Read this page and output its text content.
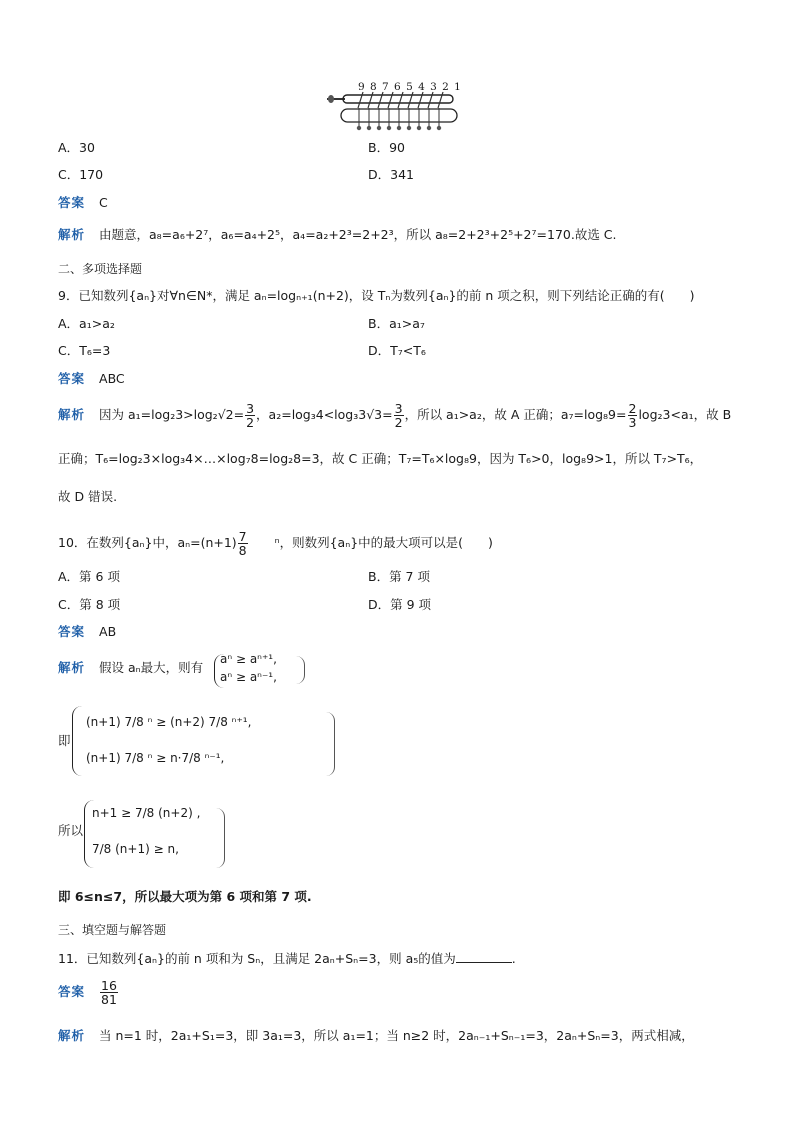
9 8 7 6 5 4 3 2 1
A．30	B．90
C．170	D．341
答案 C
解析 由题意，a₈=a₆+2⁷，a₆=a₄+2⁵，a₄=a₂+2³=2+2³，所以 a₈=2+2³+2⁵+2⁷=170.故选 C.
二、多项选择题
9．已知数列{aₙ}对∀n∈N*，满足 aₙ=logₙ₊₁(n+2)，设 Tₙ为数列{aₙ}的前 n 项之积，则下列结论正确的有(　　)
A．a₁>a₂	B．a₁>a₇
C．T₆=3	D．T₇<T₆
答案 ABC
解析 因为 $a_1=\log_23>\log_2√2= \frac{3}{2}$ ，$a_2=\log_34<\log_33√3= \frac{3}{2}$ ，所以 a₁>a₂，故 A 正确；$a_7=\log_89= \frac{2}{3} \log_23<a_1$，故 B
正确；T₆=log₂3×log₃4×…×log₇8=log₂8=3，故 C 正确；T₇=T₆×log₈9，因为 T₆>0，log₈9>1，所以 T₇>T₆，
故 D 错误.
10．在数列{aₙ}中，$a_n=(n+1) \frac{7}{8}$ ⁿ，则数列{aₙ}中的最大项可以是(　　)
A．第 6 项	B．第 7 项
C．第 8 项	D．第 9 项
答案 AB
解析 假设 aₙ最大，则有
aⁿ ≥ aⁿ⁺¹,
aⁿ ≥ aⁿ⁻¹,
即
(n+1) 7/8 ⁿ ≥ (n+2) 7/8 ⁿ⁺¹,
(n+1) 7/8 ⁿ ≥ n·7/8 ⁿ⁻¹,
所以
n+1 ≥ 7/8 (n+2) ,
7/8 (n+1) ≥ n,
即 6≤n≤7，所以最大项为第 6 项和第 7 项.
三、填空题与解答题
11．已知数列{aₙ}的前 n 项和为 Sₙ，且满足 2aₙ+Sₙ=3，则 a₅的值为	.
答案 $\frac{16}{81}$
解析 当 n=1 时，2a₁+S₁=3，即 3a₁=3，所以 a₁=1；当 n≥2 时，2aₙ₋₁+Sₙ₋₁=3，2aₙ+Sₙ=3，两式相减，
